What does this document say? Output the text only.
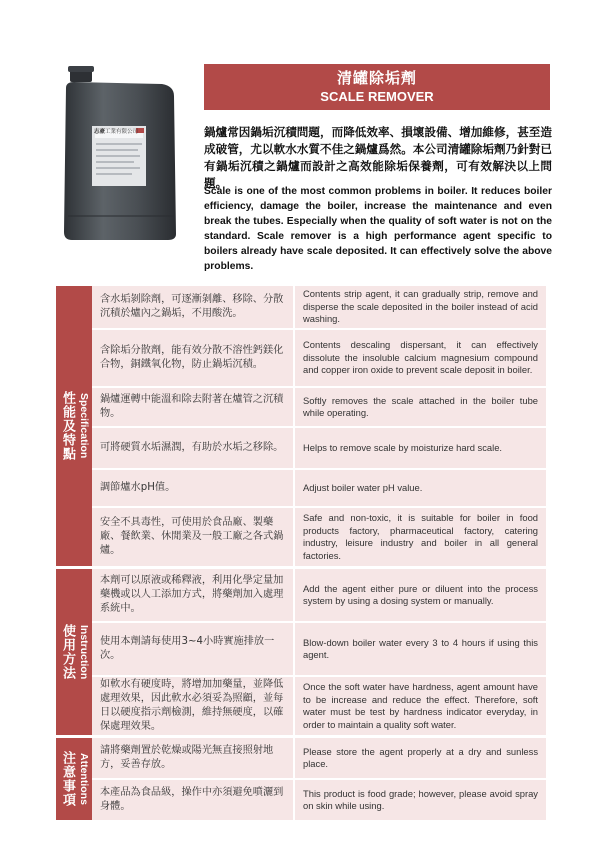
志豪工業有限公司
清罐除垢劑
SCALE REMOVER
鍋爐常因鍋垢沉積問題，而降低效率、損壞設備、增加維修，甚至造成破管，尤以軟水水質不佳之鍋爐爲然。本公司清罐除垢劑乃針對已有鍋垢沉積之鍋爐而設計之高效能除垢保養劑，可有效解決以上問題。
Scale is one of the most common problems in boiler. It reduces boiler efficiency, damage the boiler, increase the maintenance and even break the tubes. Especially when the quality of soft water is not on the standard. Scale remover is a high performance agent specific to boilers already have scale deposited. It can effectively solve the above problems.
性能及特點 Specification
含水垢剝除劑，可逐漸剝離、移除、分散沉積於爐內之鍋垢，不用酸洗。
Contents strip agent, it can gradually strip, remove and disperse the scale deposited in the boiler instead of acid washing.
含除垢分散劑，能有效分散不溶性鈣鎂化合物，銅鐵氧化物，防止鍋垢沉積。
Contents descaling dispersant, it can effectively dissolute the insoluble calcium magnesium compound and copper iron oxide to prevent scale deposit in boiler.
鍋爐運轉中能溫和除去附著在爐管之沉積物。
Softly removes the scale attached in the boiler tube while operating.
可將硬質水垢濕潤，有助於水垢之移除。	Helps to remove scale by moisturize hard scale.
調節爐水pH值。	Adjust boiler water pH value.
安全不具毒性，可使用於食品廠、製藥廠、餐飲業、休閒業及一般工廠之各式鍋爐。
Safe and non-toxic, it is suitable for boiler in food products factory, pharmaceutical factory, catering industry, leisure industry and boiler in all general factories.
使用方法 Instruction
本劑可以原液或稀釋液，利用化學定量加藥機或以人工添加方式，將藥劑加入處理系統中。
Add the agent either pure or diluent into the process system by using a dosing system or manually.
使用本劑請每使用3~4小時實施排放一次。
Blow-down boiler water every 3 to 4 hours if using this agent.
如軟水有硬度時，將增加加藥量，並降低處理效果，因此軟水必須妥為照顧，並每日以硬度指示劑檢測，維持無硬度，以確保處理效果。
Once the soft water have hardness, agent amount have to be increase and reduce the effect. Therefore, soft water must be test by hardness indicator everyday, in order to maintain a quality soft water.
注意事項 Attentions
請將藥劑置於乾燥或陽光無直接照射地方，妥善存放。
Please store the agent properly at a dry and sunless place.
本產品為食品級，操作中亦須避免噴灑到身體。
This product is food grade; however, please avoid spray on skin while using.
